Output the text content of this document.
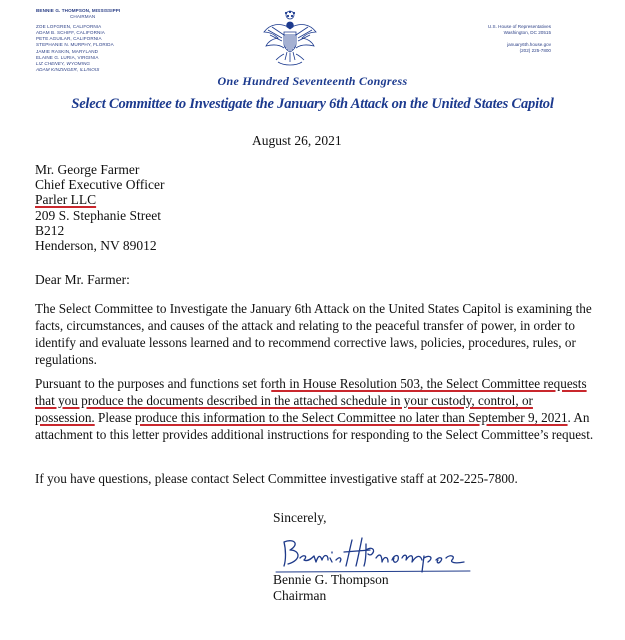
BENNIE G. THOMPSON, MISSISSIPPI
CHAIRMAN
ZOE LOFGREN, CALIFORNIA
ADAM B. SCHIFF, CALIFORNIA
PETE AGUILAR, CALIFORNIA
STEPHANIE N. MURPHY, FLORIDA
JAMIE RASKIN, MARYLAND
ELAINE G. LURIA, VIRGINIA
LIZ CHENEY, WYOMING
ADAM KINZINGER, ILLINOIS
U.S. House of Representatives
Washington, DC 20515
january6th.house.gov
(202) 225-7800
One Hundred Seventeenth Congress
Select Committee to Investigate the January 6th Attack on the United States Capitol
August 26, 2021
Mr. George Farmer
Chief Executive Officer
Parler LLC
209 S. Stephanie Street
B212
Henderson, NV 89012
Dear Mr. Farmer:
The Select Committee to Investigate the January 6th Attack on the United States Capitol is examining the facts, circumstances, and causes of the attack and relating to the peaceful transfer of power, in order to identify and evaluate lessons learned and to recommend corrective laws, policies, procedures, rules, or regulations.
Pursuant to the purposes and functions set forth in House Resolution 503, the Select Committee requests that you produce the documents described in the attached schedule in your custody, control, or possession. Please produce this information to the Select Committee no later than September 9, 2021. An attachment to this letter provides additional instructions for responding to the Select Committee’s request.
If you have questions, please contact Select Committee investigative staff at 202-225-7800.
Sincerely,
Bennie G. Thompson
Chairman
